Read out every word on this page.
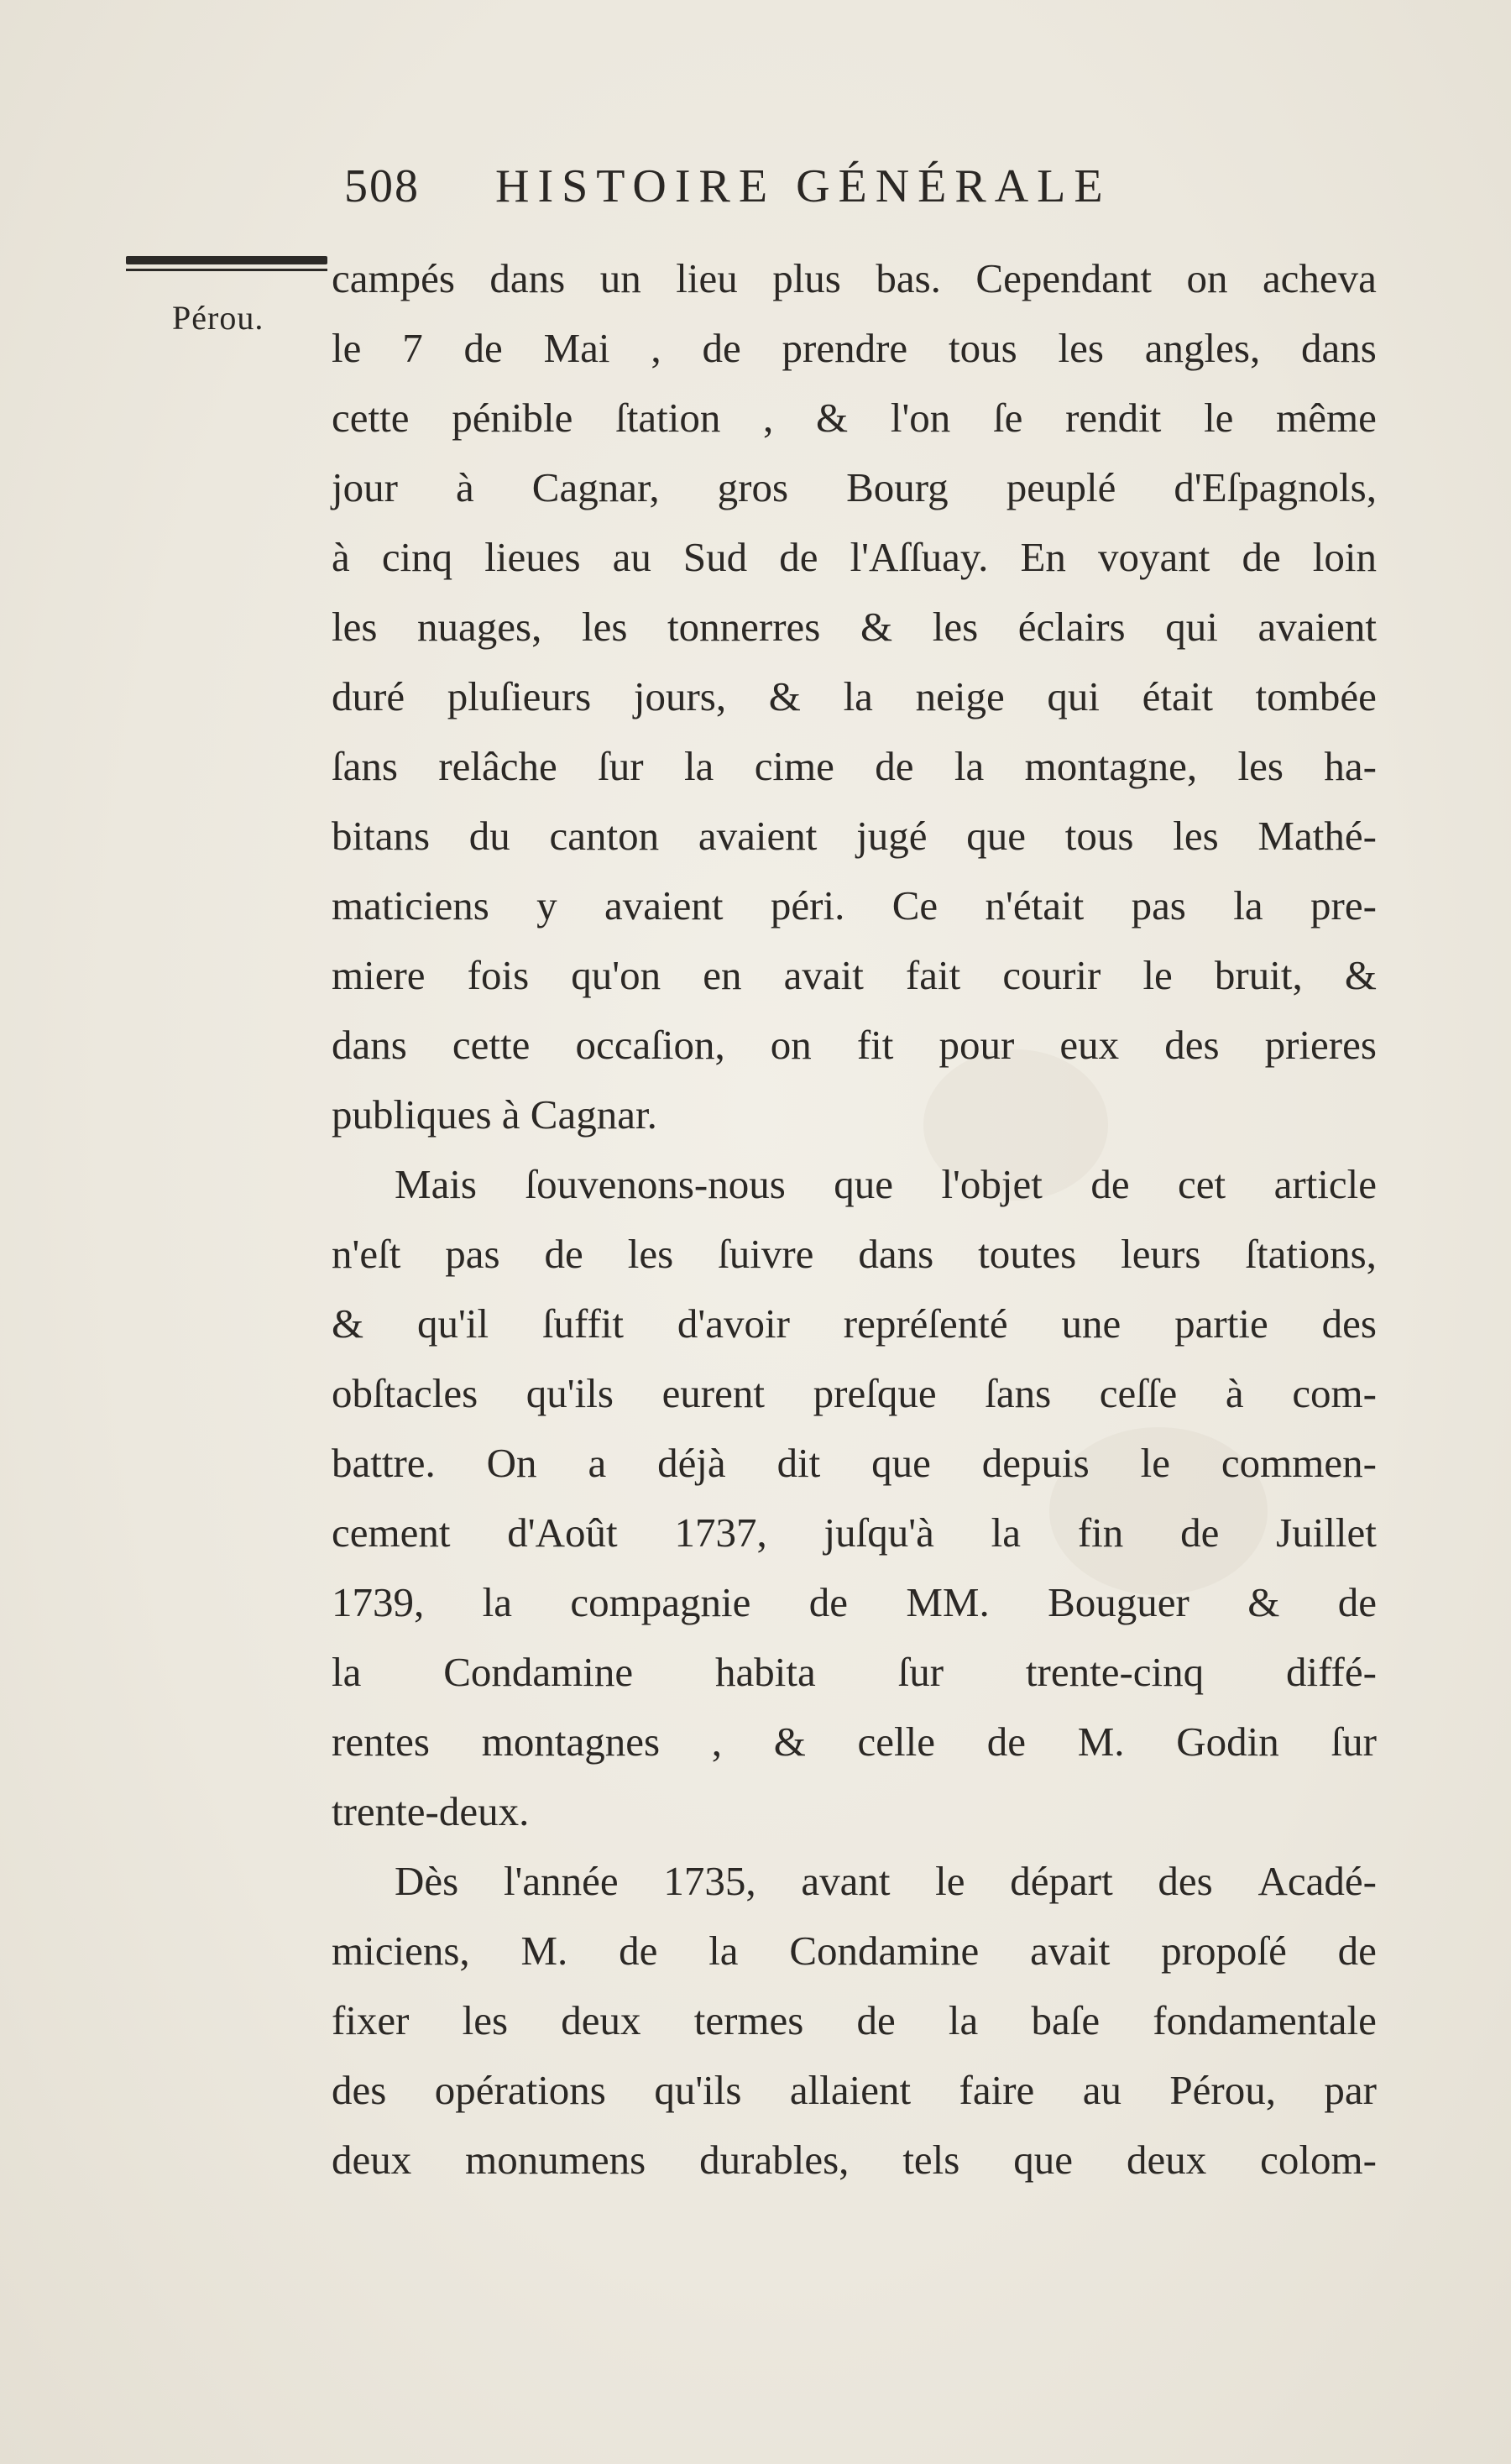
508 HISTOIRE GÉNÉRALE
Pérou.
campés dans un lieu plus bas. Cependant on acheva
le 7 de Mai , de prendre tous les angles, dans
cette pénible ſtation , & l'on ſe rendit le même
jour à Cagnar, gros Bourg peuplé d'Eſpagnols,
à cinq lieues au Sud de l'Aſſuay. En voyant de loin
les nuages, les tonnerres & les éclairs qui avaient
duré pluſieurs jours, & la neige qui était tombée
ſans relâche ſur la cime de la montagne, les ha-
bitans du canton avaient jugé que tous les Mathé-
maticiens y avaient péri. Ce n'était pas la pre-
miere fois qu'on en avait fait courir le bruit, &
dans cette occaſion, on fit pour eux des prieres
publiques à Cagnar.
Mais ſouvenons-nous que l'objet de cet article
n'eſt pas de les ſuivre dans toutes leurs ſtations,
& qu'il ſuffit d'avoir repréſenté une partie des
obſtacles qu'ils eurent preſque ſans ceſſe à com-
battre. On a déjà dit que depuis le commen-
cement d'Août 1737, juſqu'à la fin de Juillet
1739, la compagnie de MM. Bouguer & de
la Condamine habita ſur trente-cinq diffé-
rentes montagnes , & celle de M. Godin ſur
trente-deux.
Dès l'année 1735, avant le départ des Acadé-
miciens, M. de la Condamine avait propoſé de
fixer les deux termes de la baſe fondamentale
des opérations qu'ils allaient faire au Pérou, par
deux monumens durables, tels que deux colom-
